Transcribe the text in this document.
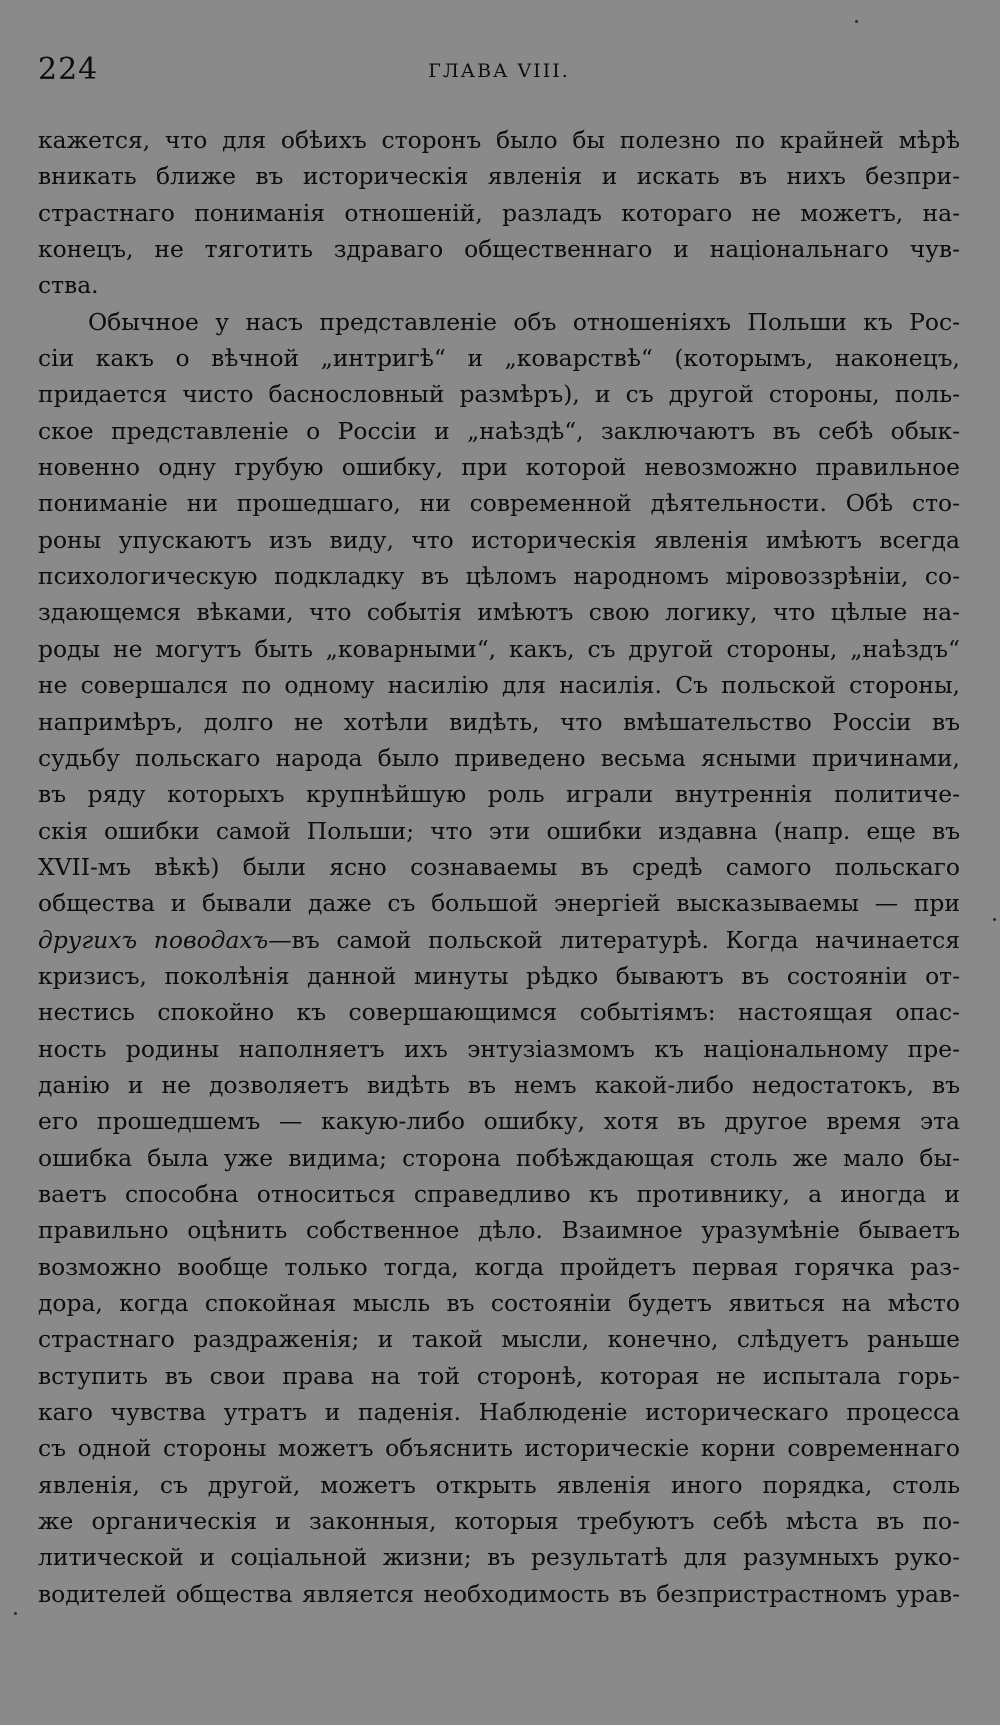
224	ГЛАВА VIII.
кажется, что для обѣихъ сторонъ было бы полезно по крайней мѣрѣ
вникать ближе въ историческія явленія и искать въ нихъ безпри-
страстнаго пониманія отношеній, разладъ котораго не можетъ, на-
конецъ, не тяготить здраваго общественнаго и національнаго чув-
ства.
Обычное у насъ представленіе объ отношеніяхъ Польши къ Рос-
сіи какъ о вѣчной „интригѣ“ и „коварствѣ“ (которымъ, наконецъ,
придается чисто баснословный размѣръ), и съ другой стороны, поль-
ское представленіе о Россіи и „наѣздѣ“, заключаютъ въ себѣ обык-
новенно одну грубую ошибку, при которой невозможно правильное
пониманіе ни прошедшаго, ни современной дѣятельности. Обѣ сто-
роны упускаютъ изъ виду, что историческія явленія имѣютъ всегда
психологическую подкладку въ цѣломъ народномъ міровоззрѣніи, со-
здающемся вѣками, что событія имѣютъ свою логику, что цѣлые на-
роды не могутъ быть „коварными“, какъ, съ другой стороны, „наѣздъ“
не совершался по одному насилію для насилія. Съ польской стороны,
напримѣръ, долго не хотѣли видѣть, что вмѣшательство Россіи въ
судьбу польскаго народа было приведено весьма ясными причинами,
въ ряду которыхъ крупнѣйшую роль играли внутреннія политиче-
скія ошибки самой Польши; что эти ошибки издавна (напр. еще въ
XVII-мъ вѣкѣ) были ясно сознаваемы въ средѣ самого польскаго
общества и бывали даже съ большой энергіей высказываемы — при
другихъ поводахъ—въ самой польской литературѣ. Когда начинается
кризисъ, поколѣнія данной минуты рѣдко бываютъ въ состояніи от-
нестись спокойно къ совершающимся событіямъ: настоящая опас-
ность родины наполняетъ ихъ энтузіазмомъ къ національному пре-
данію и не дозволяетъ видѣть въ немъ какой-либо недостатокъ, въ
его прошедшемъ — какую-либо ошибку, хотя въ другое время эта
ошибка была уже видима; сторона побѣждающая столь же мало бы-
ваетъ способна относиться справедливо къ противнику, а иногда и
правильно оцѣнить собственное дѣло. Взаимное уразумѣніе бываетъ
возможно вообще только тогда, когда пройдетъ первая горячка раз-
дора, когда спокойная мысль въ состояніи будетъ явиться на мѣсто
страстнаго раздраженія; и такой мысли, конечно, слѣдуетъ раньше
вступить въ свои права на той сторонѣ, которая не испытала горь-
каго чувства утратъ и паденія. Наблюденіе историческаго процесса
съ одной стороны можетъ объяснить историческіе корни современнаго
явленія, съ другой, можетъ открыть явленія иного порядка, столь
же органическія и законныя, которыя требуютъ себѣ мѣста въ по-
литической и соціальной жизни; въ результатѣ для разумныхъ руко-
водителей общества является необходимость въ безпристрастномъ урав-
